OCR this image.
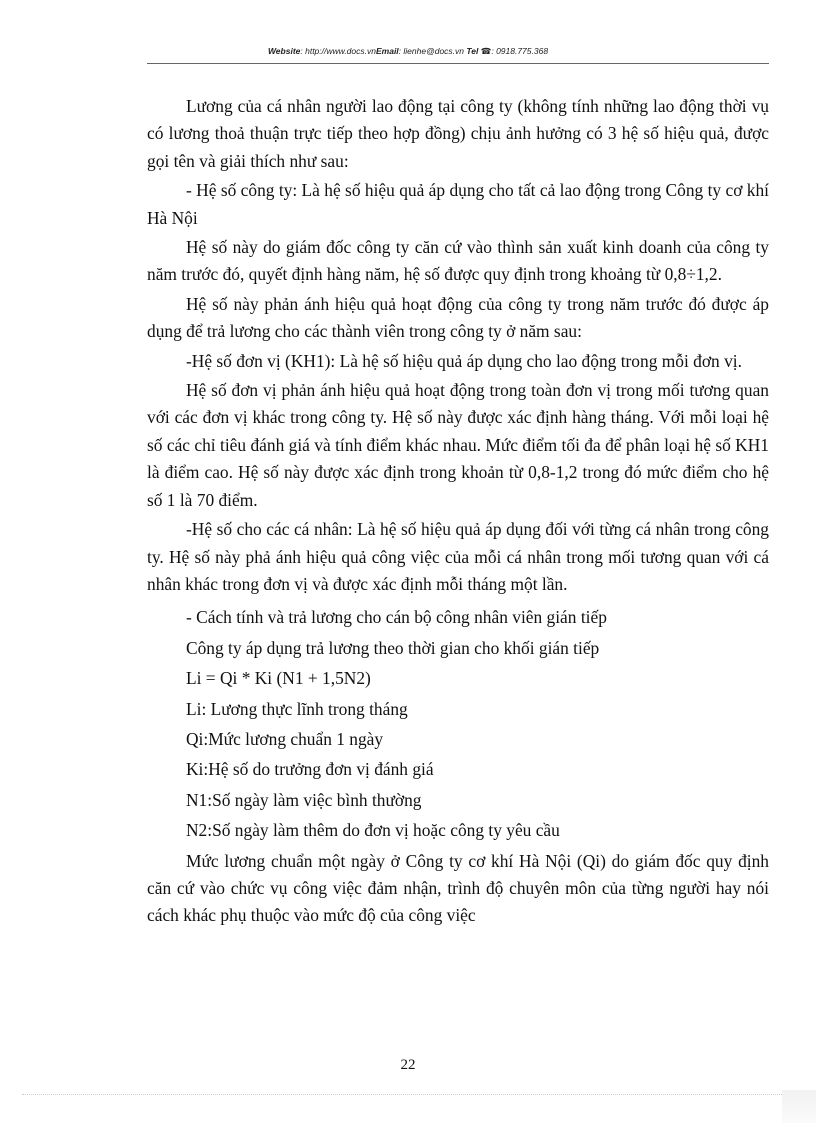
Website: http://www.docs.vnEmail: lienhe@docs.vn Tel ☎: 0918.775.368

Lương của cá nhân người lao động tại công ty (không tính những lao động thời vụ có lương thoả thuận trực tiếp theo hợp đồng) chịu ảnh hưởng có 3 hệ số hiệu quả, được gọi tên và giải thích như sau:

- Hệ số công ty: Là hệ số hiệu quả áp dụng cho tất cả lao động trong Công ty cơ khí Hà Nội

Hệ số này do giám đốc công ty căn cứ vào thình sản xuất kinh doanh của công ty năm trước đó, quyết định hàng năm, hệ số được quy định trong khoảng từ 0,8÷1,2.

Hệ số này phản ánh hiệu quả hoạt động của công ty trong năm trước đó được áp dụng để trả lương cho các thành viên trong công ty ở năm sau:

-Hệ số đơn vị (KH1): Là hệ số hiệu quả áp dụng cho lao động trong mỗi đơn vị.

Hệ số đơn vị phản ánh hiệu quả hoạt động trong toàn đơn vị trong mối tương quan với các đơn vị khác trong công ty. Hệ số này được xác định hàng tháng. Với mỗi loại hệ số các chỉ tiêu đánh giá và tính điểm khác nhau. Mức điểm tối đa để phân loại hệ số KH1 là điểm cao. Hệ số này được xác định trong khoản từ 0,8-1,2 trong đó mức điểm cho hệ số 1 là 70 điểm.

-Hệ số cho các cá nhân: Là hệ số hiệu quả áp dụng đối với từng cá nhân trong công ty. Hệ số này phả ánh hiệu quả công việc của mỗi cá nhân trong mối tương quan với cá nhân khác trong đơn vị và được xác định mỗi tháng một lần.

- Cách tính và trả lương cho cán bộ công nhân viên gián tiếp

Công ty áp dụng trả lương theo thời gian cho khối gián tiếp

Li = Qi * Ki (N1 + 1,5N2)

Li: Lương thực lĩnh trong tháng

Qi:Mức lương chuẩn 1 ngày

Ki:Hệ số do trưởng đơn vị đánh giá

N1:Số ngày làm việc bình thường

N2:Số ngày làm thêm do đơn vị hoặc công ty yêu cầu

Mức lương chuẩn một ngày ở Công ty cơ khí Hà Nội (Qi) do giám đốc quy định căn cứ vào chức vụ công việc đảm nhận, trình độ chuyên môn của từng người hay nói cách khác phụ thuộc vào mức độ của công việc

22
